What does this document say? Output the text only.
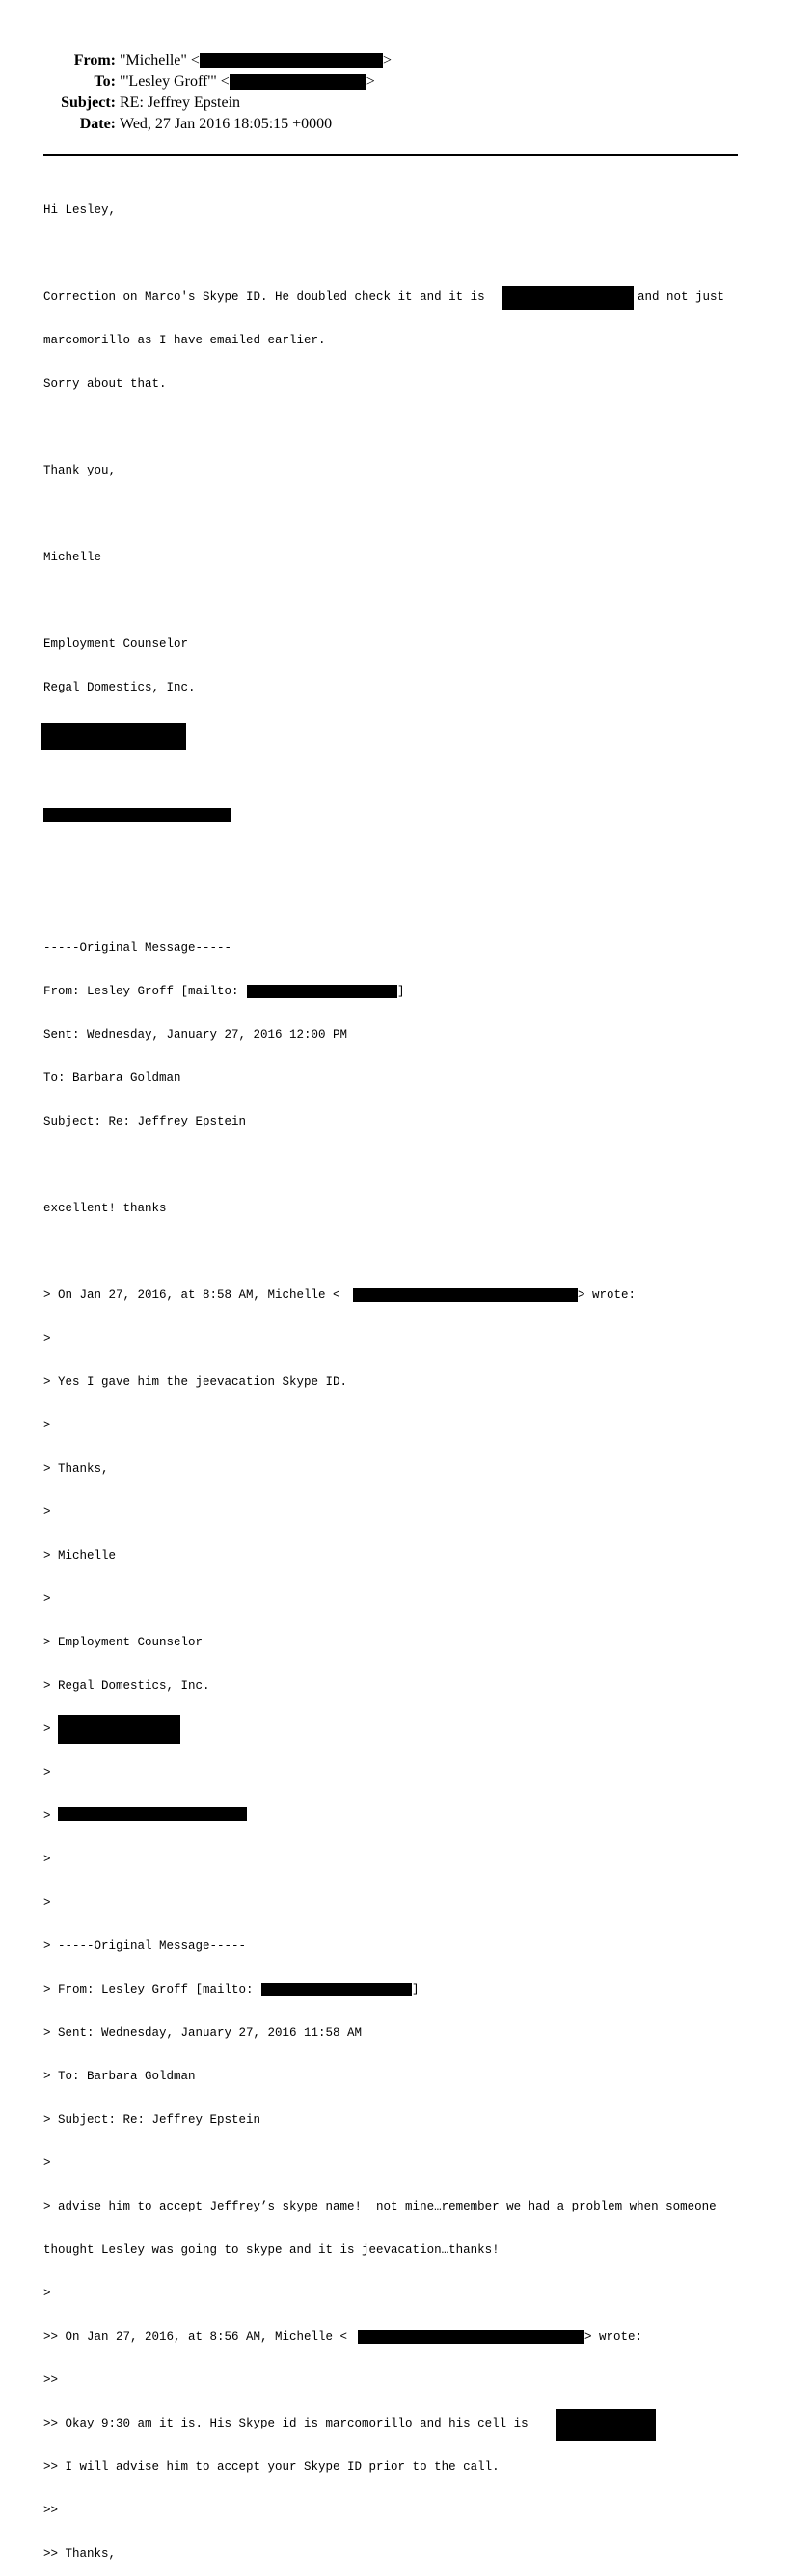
From: "Michelle" <	>
To: "'Lesley Groff'" <	>
Subject: RE: Jeffrey Epstein
Date: Wed, 27 Jan 2016 18:05:15 +0000

Hi Lesley,

Correction on Marco's Skype ID. He doubled check it and it is	and not just

marcomorillo as I have emailed earlier.

Sorry about that.

Thank you,

Michelle

Employment Counselor

Regal Domestics, Inc.

-----Original Message-----

From: Lesley Groff [mailto:	]

Sent: Wednesday, January 27, 2016 12:00 PM

To: Barbara Goldman

Subject: Re: Jeffrey Epstein

excellent! thanks

> On Jan 27, 2016, at 8:58 AM, Michelle <	> wrote:

>

> Yes I gave him the jeevacation Skype ID.

>

> Thanks,

>

> Michelle

>

> Employment Counselor

> Regal Domestics, Inc.

>

>

>

>

>

> -----Original Message-----

> From: Lesley Groff [mailto:	]

> Sent: Wednesday, January 27, 2016 11:58 AM

> To: Barbara Goldman

> Subject: Re: Jeffrey Epstein

>

> advise him to accept Jeffrey’s skype name!  not mine…remember we had a problem when someone

thought Lesley was going to skype and it is jeevacation…thanks!

>

>> On Jan 27, 2016, at 8:56 AM, Michelle <	> wrote:

>>

>> Okay 9:30 am it is. His Skype id is marcomorillo and his cell is

>> I will advise him to accept your Skype ID prior to the call.

>>

>> Thanks,
